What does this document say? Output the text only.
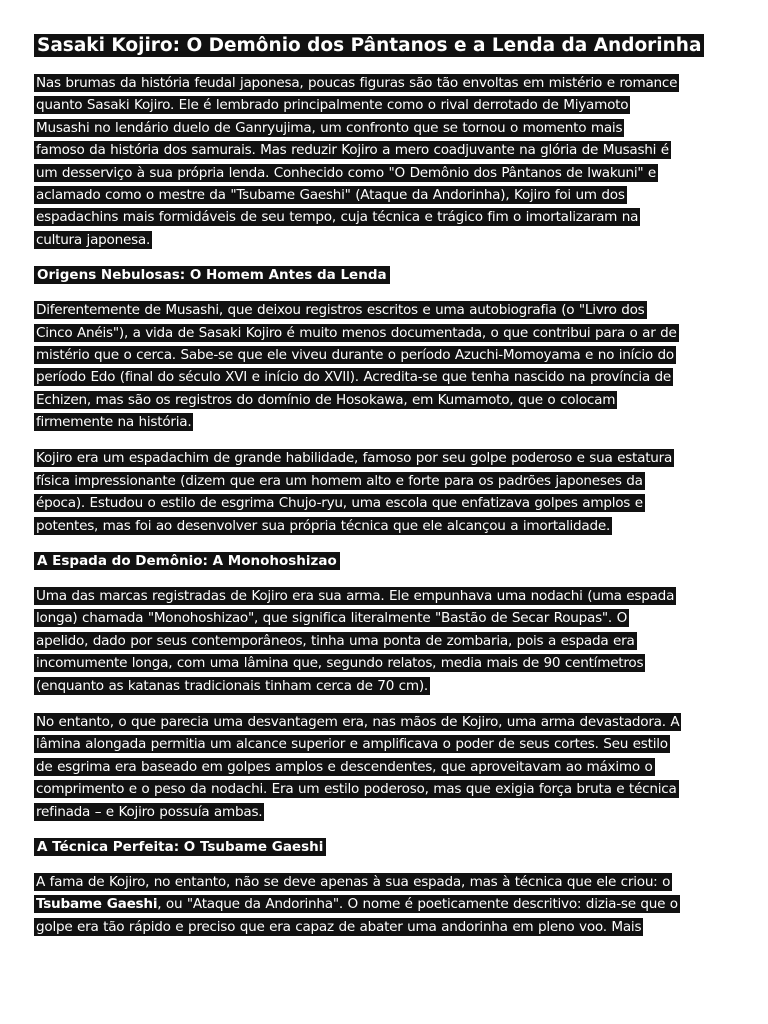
Sasaki Kojiro: O Demônio dos Pântanos e a Lenda da Andorinha
Nas brumas da história feudal japonesa, poucas figuras são tão envoltas em mistério e romance
quanto Sasaki Kojiro. Ele é lembrado principalmente como o rival derrotado de Miyamoto
Musashi no lendário duelo de Ganryujima, um confronto que se tornou o momento mais
famoso da história dos samurais. Mas reduzir Kojiro a mero coadjuvante na glória de Musashi é
um desserviço à sua própria lenda. Conhecido como "O Demônio dos Pântanos de Iwakuni" e
aclamado como o mestre da "Tsubame Gaeshi" (Ataque da Andorinha), Kojiro foi um dos
espadachins mais formidáveis de seu tempo, cuja técnica e trágico fim o imortalizaram na
cultura japonesa.
Origens Nebulosas: O Homem Antes da Lenda
Diferentemente de Musashi, que deixou registros escritos e uma autobiografia (o "Livro dos
Cinco Anéis"), a vida de Sasaki Kojiro é muito menos documentada, o que contribui para o ar de
mistério que o cerca. Sabe-se que ele viveu durante o período Azuchi-Momoyama e no início do
período Edo (final do século XVI e início do XVII). Acredita-se que tenha nascido na província de
Echizen, mas são os registros do domínio de Hosokawa, em Kumamoto, que o colocam
firmemente na história.
Kojiro era um espadachim de grande habilidade, famoso por seu golpe poderoso e sua estatura
física impressionante (dizem que era um homem alto e forte para os padrões japoneses da
época). Estudou o estilo de esgrima Chujo-ryu, uma escola que enfatizava golpes amplos e
potentes, mas foi ao desenvolver sua própria técnica que ele alcançou a imortalidade.
A Espada do Demônio: A Monohoshizao
Uma das marcas registradas de Kojiro era sua arma. Ele empunhava uma nodachi (uma espada
longa) chamada "Monohoshizao", que significa literalmente "Bastão de Secar Roupas". O
apelido, dado por seus contemporâneos, tinha uma ponta de zombaria, pois a espada era
incomumente longa, com uma lâmina que, segundo relatos, media mais de 90 centímetros
(enquanto as katanas tradicionais tinham cerca de 70 cm).
No entanto, o que parecia uma desvantagem era, nas mãos de Kojiro, uma arma devastadora. A
lâmina alongada permitia um alcance superior e amplificava o poder de seus cortes. Seu estilo
de esgrima era baseado em golpes amplos e descendentes, que aproveitavam ao máximo o
comprimento e o peso da nodachi. Era um estilo poderoso, mas que exigia força bruta e técnica
refinada – e Kojiro possuía ambas.
A Técnica Perfeita: O Tsubame Gaeshi
A fama de Kojiro, no entanto, não se deve apenas à sua espada, mas à técnica que ele criou: o
Tsubame Gaeshi, ou "Ataque da Andorinha". O nome é poeticamente descritivo: dizia-se que o
golpe era tão rápido e preciso que era capaz de abater uma andorinha em pleno voo. Mais
